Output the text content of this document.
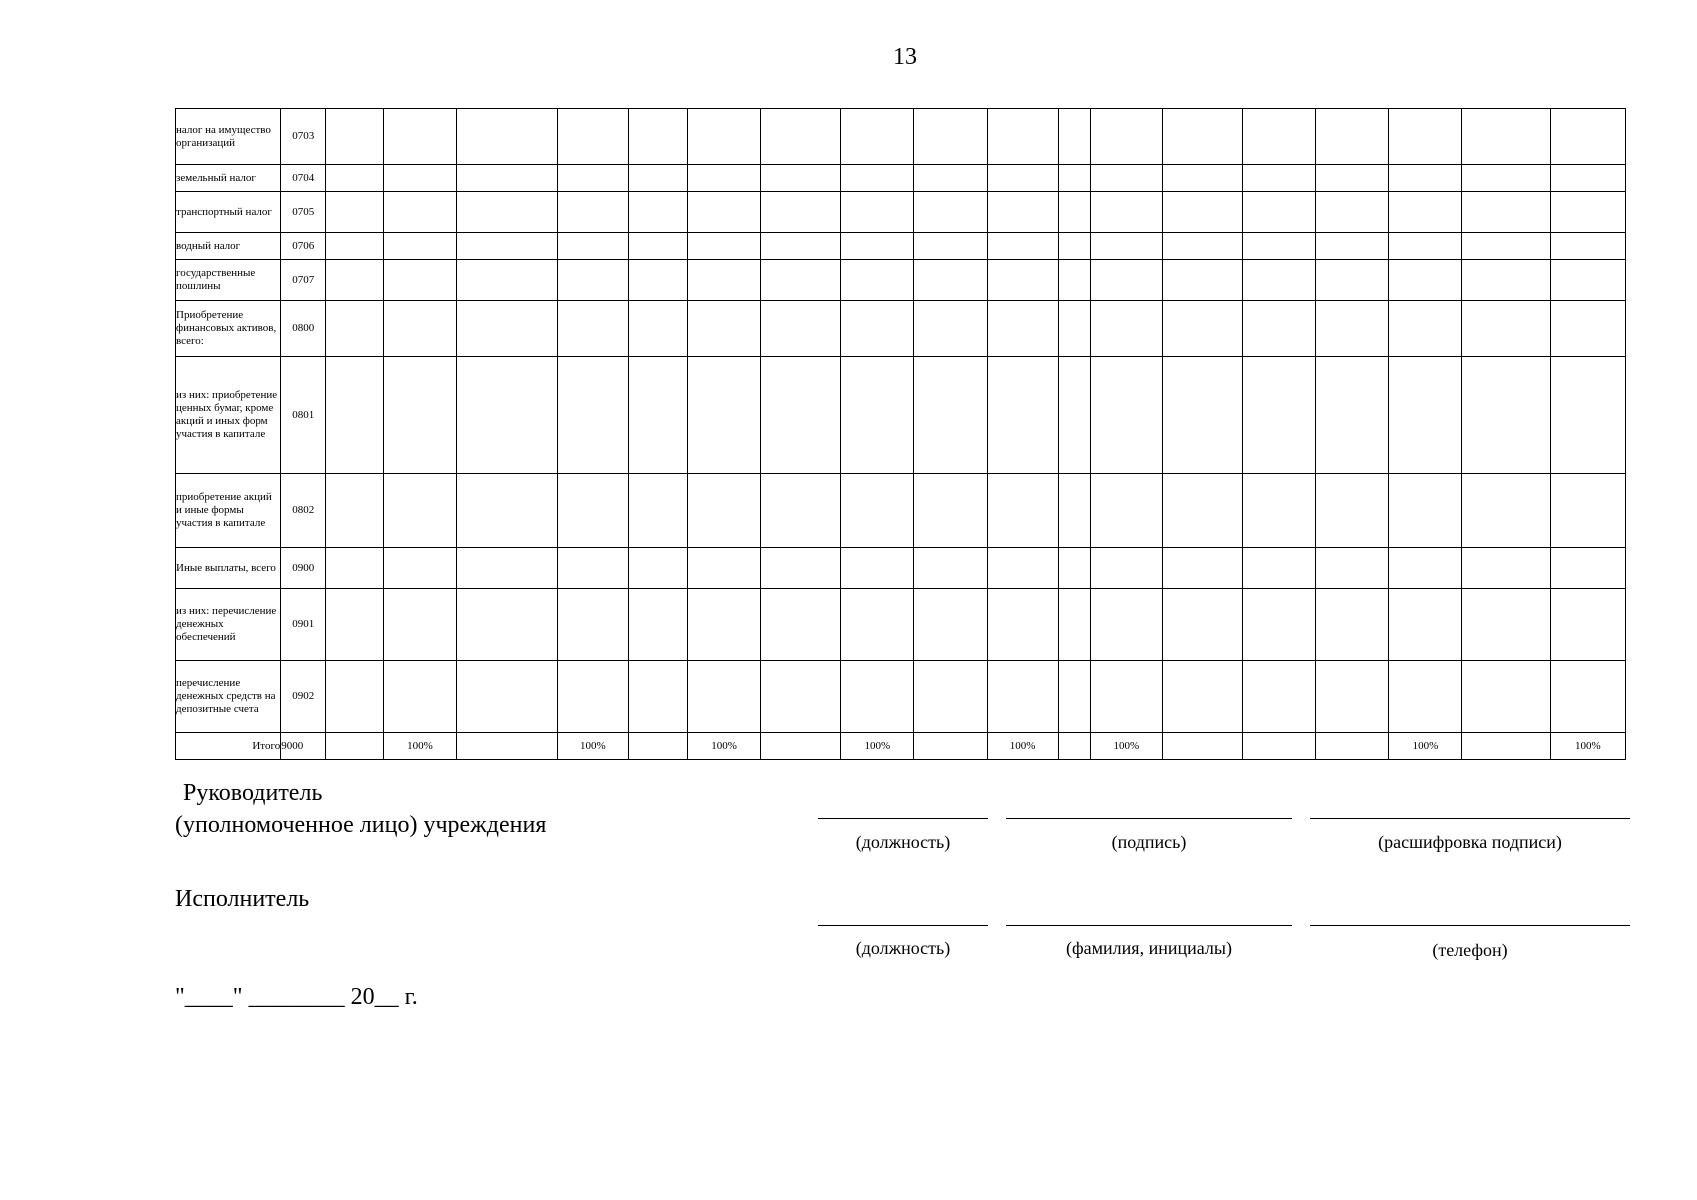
13
налог на имущество организаций	0703																		
земельный налог	0704																		
транспортный налог	0705																		
водный налог	0706																		
государственные пошлины	0707																		
Приобретение финансовых активов, всего:	0800																		
из них: приобретение ценных бумаг, кроме акций и иных форм участия в капитале	0801																		
приобретение акций и иные формы участия в капитале	0802																		
Иные выплаты, всего	0900																		
из них: перечисление денежных обеспечений	0901																		
перечисление денежных средств на депозитные счета	0902																		
Итого	9000		100%		100%		100%		100%		100%		100%				100%		100%
Руководитель
(уполномоченное лицо) учреждения
(должность)	(подпись)	(расшифровка подписи)
Исполнитель
(должность)	(фамилия, инициалы)	(телефон)
"____" ________ 20__ г.
